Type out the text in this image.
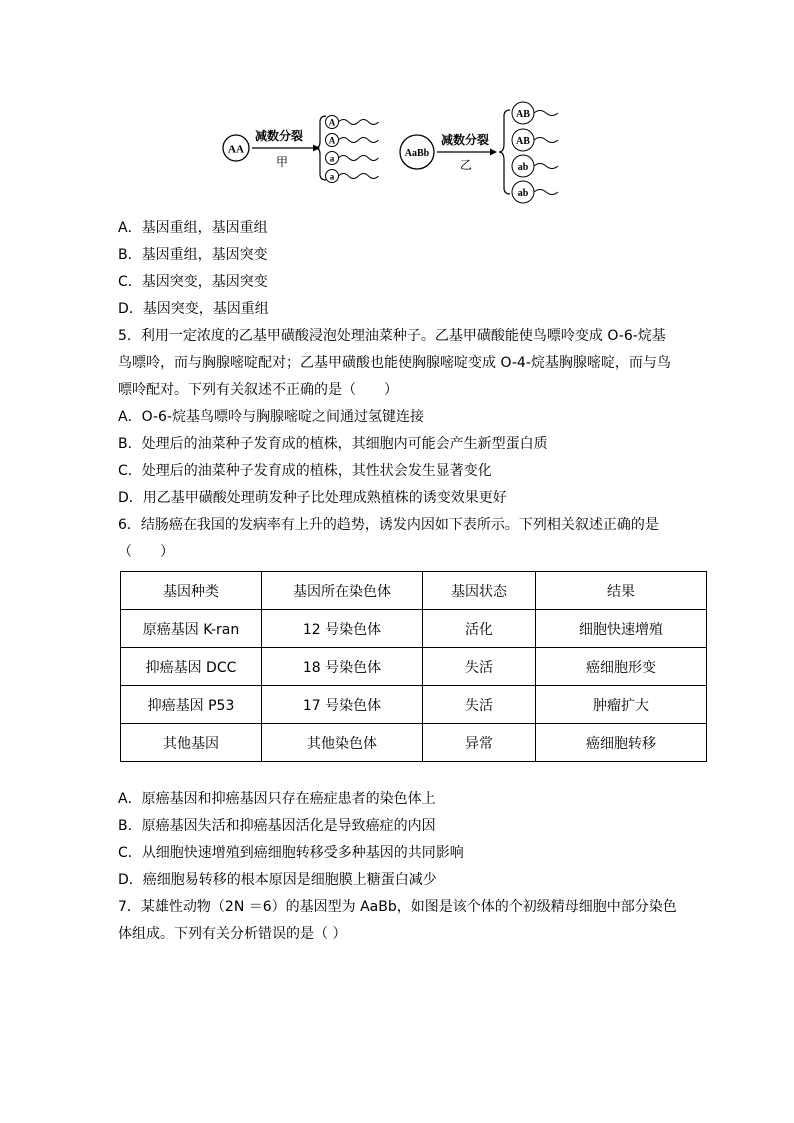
AA
减数分裂
甲
A
A
a
a
AaBb
减数分裂
乙
AB
AB
ab
ab
A．基因重组，基因重组
B．基因重组，基因突变
C．基因突变，基因突变
D．基因突变，基因重组
5．利用一定浓度的乙基甲磺酸浸泡处理油菜种子。乙基甲磺酸能使鸟嘌呤变成 O-6-烷基
鸟嘌呤，而与胸腺嘧啶配对；乙基甲磺酸也能使胸腺嘧啶变成 O-4-烷基胸腺嘧啶，而与鸟
嘌呤配对。下列有关叙述不正确的是（　　）
A．O-6-烷基鸟嘌呤与胸腺嘧啶之间通过氢键连接
B．处理后的油菜种子发育成的植株，其细胞内可能会产生新型蛋白质
C．处理后的油菜种子发育成的植株，其性状会发生显著变化
D．用乙基甲磺酸处理萌发种子比处理成熟植株的诱变效果更好
6．结肠癌在我国的发病率有上升的趋势，诱发内因如下表所示。下列相关叙述正确的是
（　　）
基因种类	基因所在染色体	基因状态	结果
原癌基因 K-ran	12 号染色体	活化	细胞快速增殖
抑癌基因 DCC	18 号染色体	失活	癌细胞形变
抑癌基因 P53	17 号染色体	失活	肿瘤扩大
其他基因	其他染色体	异常	癌细胞转移
A．原癌基因和抑癌基因只存在癌症患者的染色体上
B．原癌基因失活和抑癌基因活化是导致癌症的内因
C．从细胞快速增殖到癌细胞转移受多种基因的共同影响
D．癌细胞易转移的根本原因是细胞膜上糖蛋白减少
7．某雄性动物（2N ＝6）的基因型为 AaBb，如图是该个体的个初级精母细胞中部分染色
体组成。下列有关分析错误的是（ ）
